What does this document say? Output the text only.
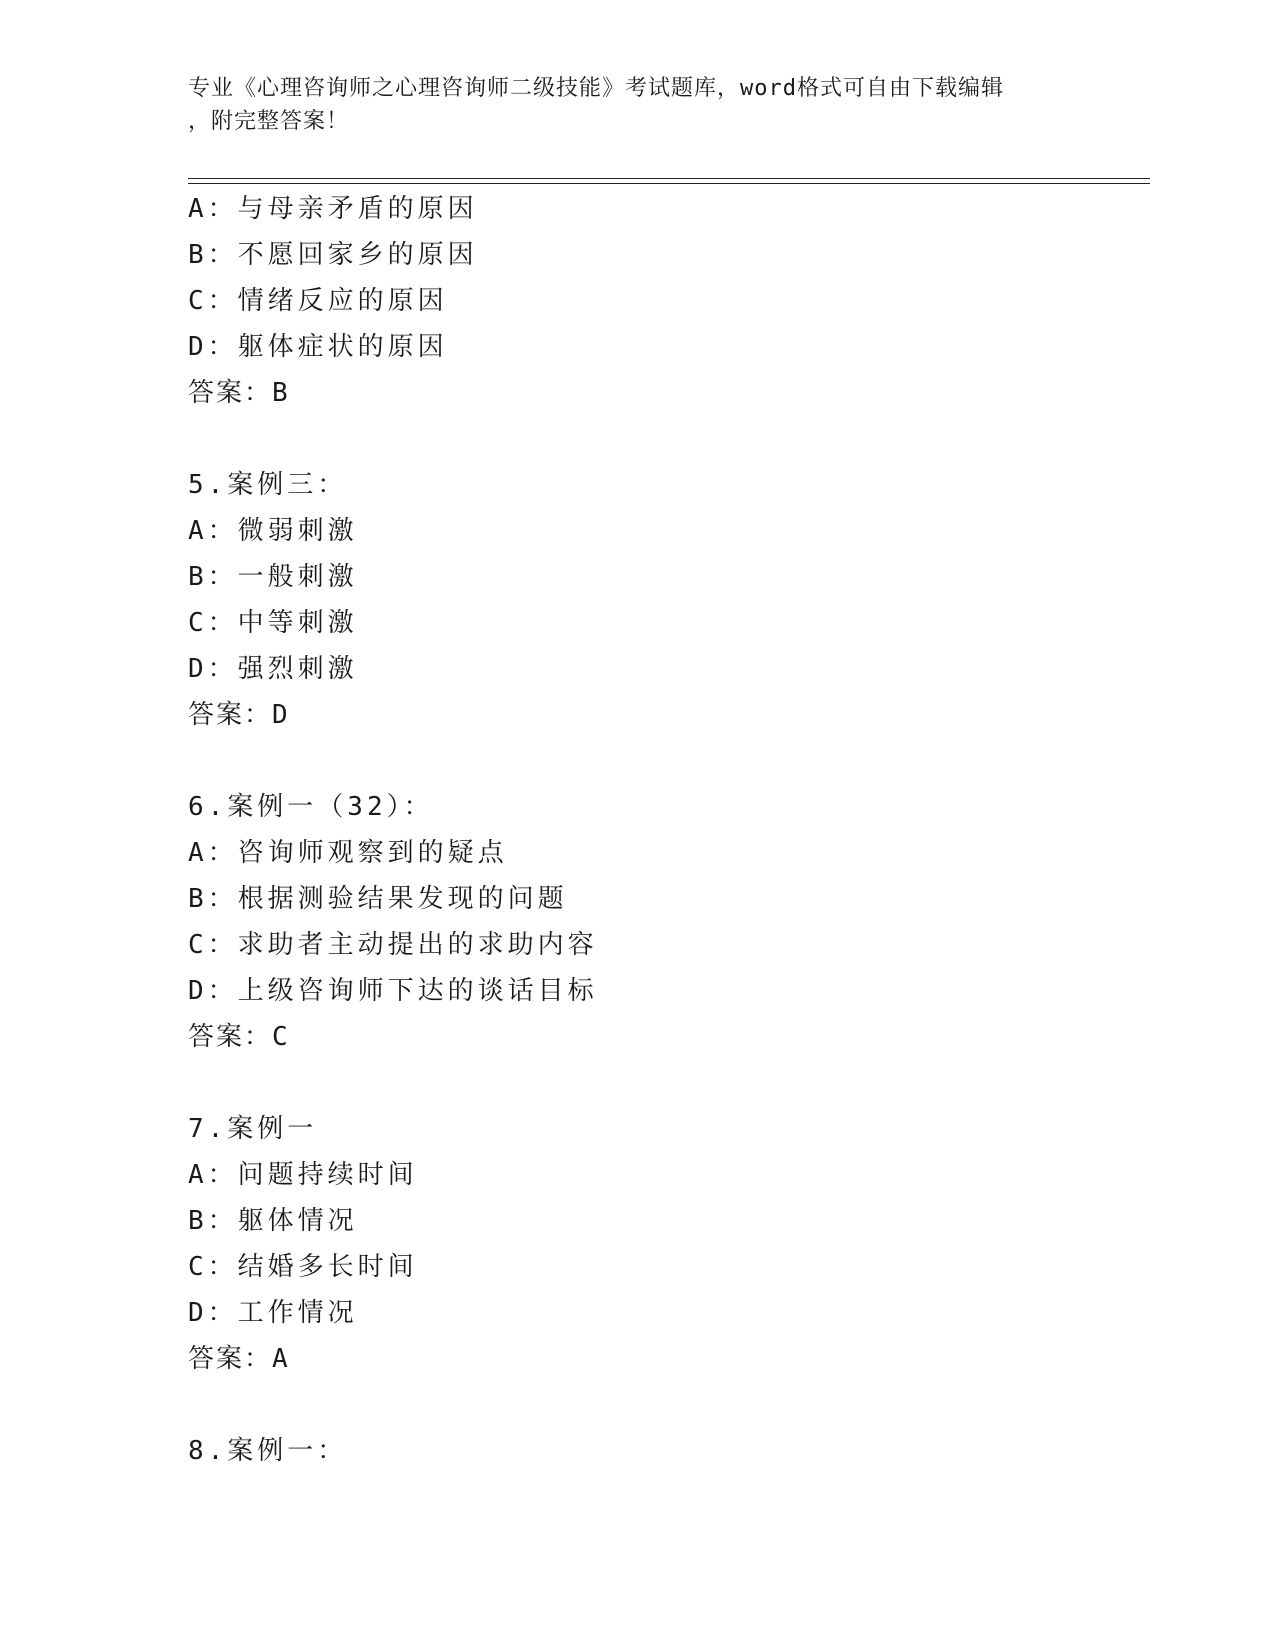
专业《心理咨询师之心理咨询师二级技能》考试题库，word格式可自由下载编辑
，附完整答案！
A：与母亲矛盾的原因
B：不愿回家乡的原因
C：情绪反应的原因
D：躯体症状的原因
答案：B
5.案例三：
A：微弱刺激
B：一般刺激
C：中等刺激
D：强烈刺激
答案：D
6.案例一（32）：
A：咨询师观察到的疑点
B：根据测验结果发现的问题
C：求助者主动提出的求助内容
D：上级咨询师下达的谈话目标
答案：C
7.案例一
A：问题持续时间
B：躯体情况
C：结婚多长时间
D：工作情况
答案：A
8.案例一：
